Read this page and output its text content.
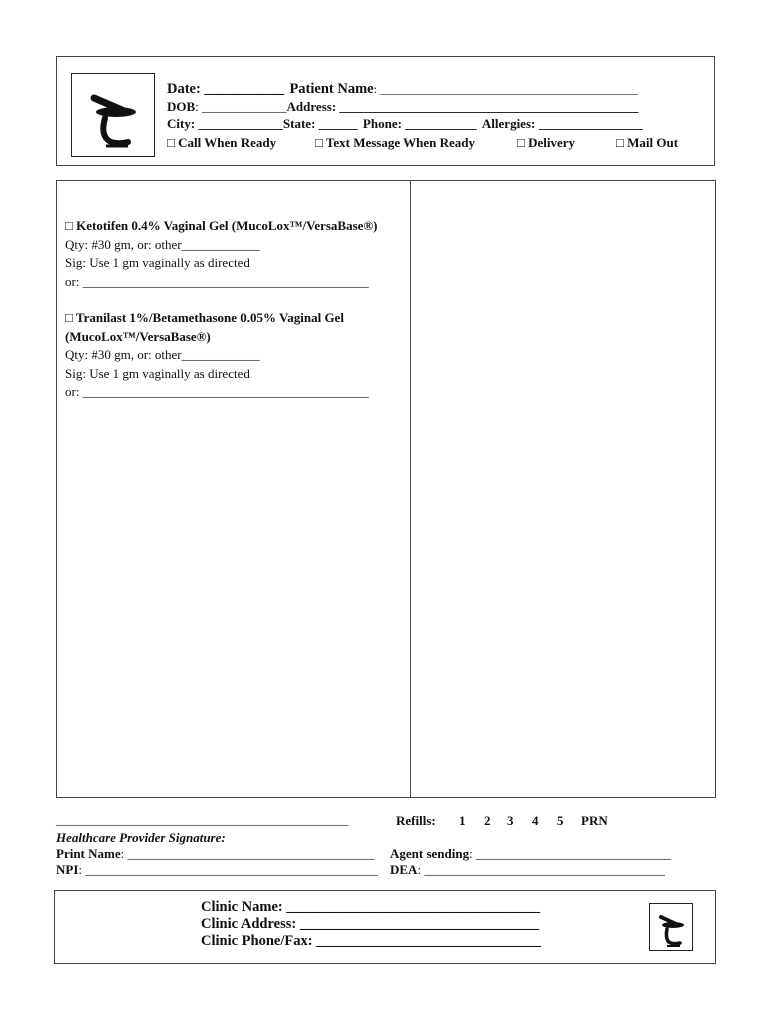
Date: ___________ Patient Name: ___________________________________________
DOB: _____________Address: ______________________________________________
City: _____________State: ______ Phone: ___________ Allergies: ________________
□ Call When Ready	□ Text Message When Ready	□ Delivery	□ Mail Out
□ Ketotifen 0.4% Vaginal Gel (MucoLox™/VersaBase®)
Qty: #30 gm, or: other____________
Sig: Use 1 gm vaginally as directed
or: ____________________________________________
□ Tranilast 1%/Betamethasone 0.05% Vaginal Gel (MucoLox™/VersaBase®)
Qty: #30 gm, or: other____________
Sig: Use 1 gm vaginally as directed
or: ____________________________________________
_____________________________________________	Refills: 1 2 3 4 5 PRN
Healthcare Provider Signature:
Print Name: ______________________________________ Agent sending: ______________________________
NPI: _____________________________________________ DEA: _____________________________________
Clinic Name: ___________________________________
Clinic Address: _________________________________
Clinic Phone/Fax: _______________________________
